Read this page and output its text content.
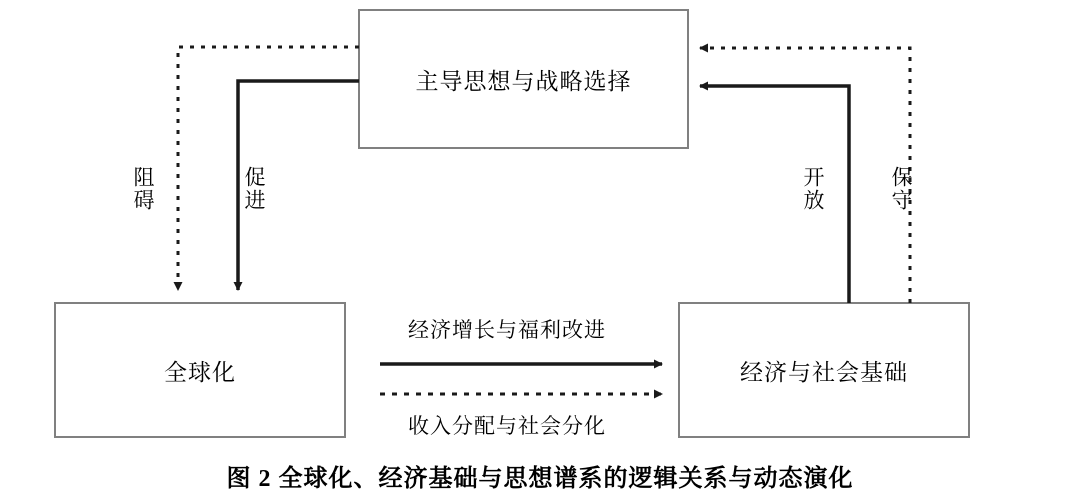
主导思想与战略选择
全球化	经济与社会基础
阻碍	促进	开放	保守
经济增长与福利改进
收入分配与社会分化
图 2 全球化、经济基础与思想谱系的逻辑关系与动态演化
